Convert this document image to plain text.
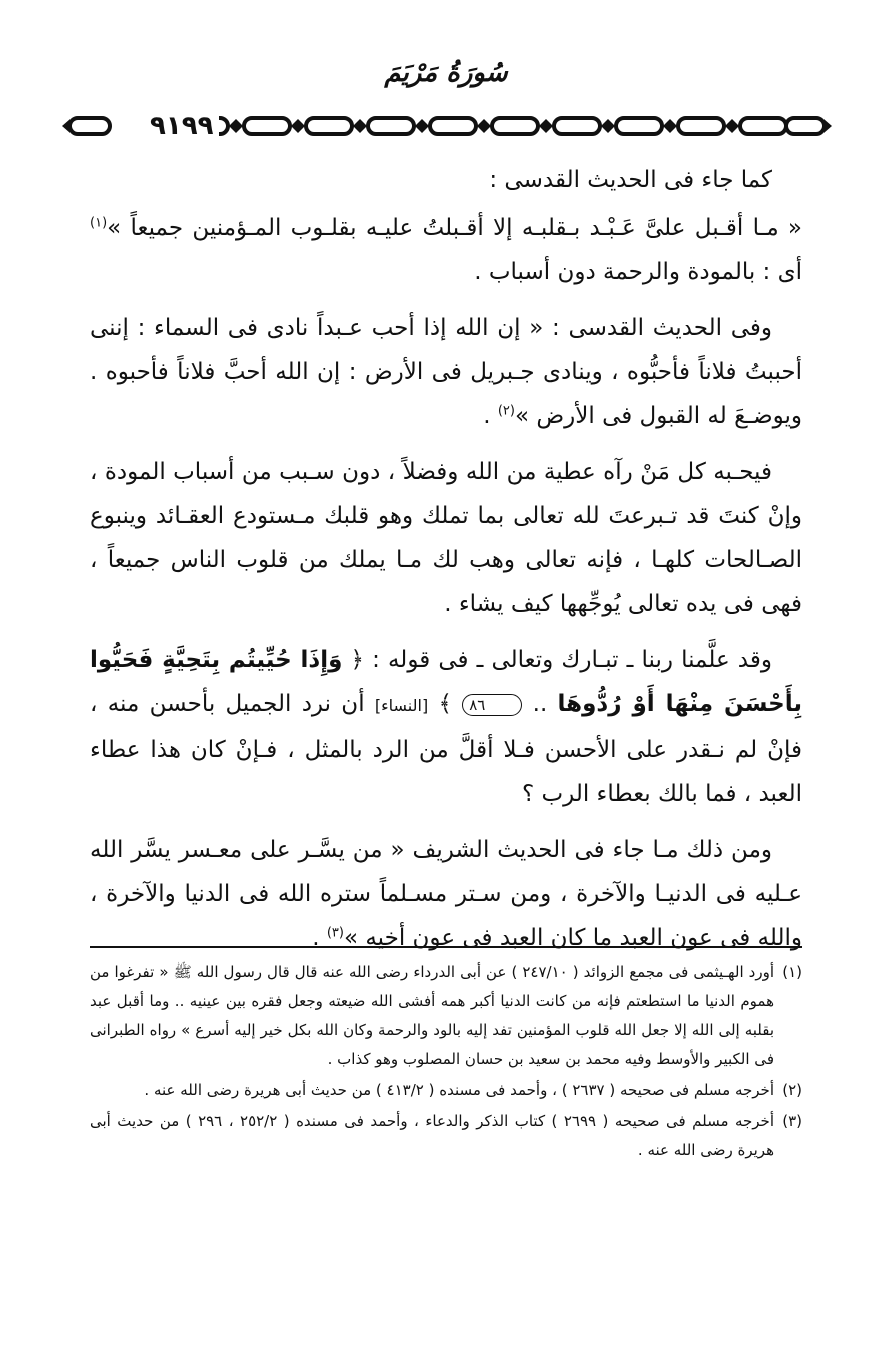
سُورَةُ مَرْيَمَ
٩١٩٩

كما جاء فى الحديث القدسى :

« مـا أقـبل علىَّ عَـبْـد بـقلبـه إلا أقـبلتُ عليـه بقلـوب المـؤمنين جميعاً »$^{(١)}$ أى : بالمودة والرحمة دون أسباب .

وفى الحديث القدسى : « إن الله إذا أحب عـبداً نادى فى السماء : إننى أحببتُ فلاناً فأحبُّوه ، وينادى جـبريل فى الأرض : إن الله أحبَّ فلاناً فأحبوه . ويوضـعَ له القبول فى الأرض »$^{(٢)}$ .

فيحـبه كل مَنْ رآه عطية من الله وفضلاً ، دون سـبب من أسباب المودة ، وإنْ كنتَ قد تـبرعتَ لله تعالى بما تملك وهو قلبك مـستودع العقـائد وينبوع الصـالحات كلهـا ، فإنه تعالى وهب لك مـا يملك من قلوب الناس جميعاً ، فهى فى يده تعالى يُوجِّهها كيف يشاء .

وقد علَّمنا ربنا ـ تبـارك وتعالى ـ فى قوله : ﴿ وَإِذَا حُيِّيتُم بِتَحِيَّةٍ فَحَيُّوا بِأَحْسَنَ مِنْهَا أَوْ رُدُّوهَا .. ٨٦ ﴾ [النساء] أن نرد الجميل بأحسن منه ، فإنْ لم نـقدر على الأحسن فـلا أقلَّ من الرد بالمثل ، فـإنْ كان هذا عطاء العبد ، فما بالك بعطاء الرب ؟

ومن ذلك مـا جاء فى الحديث الشريف « من يسَّـر على معـسر يسَّر الله عـليه فى الدنيـا والآخرة ، ومن سـتر مسـلماً ستره الله فى الدنيا والآخرة ، والله فى عون العبد ما كان العبد فى عون أخيه »$^{(٣)}$ .

(١)
أورد الهـيثمى فى مجمع الزوائد ( ٢٤٧/١٠ ) عن أبى الدرداء رضى الله عنه قال قال رسول الله ﷺ « تفرغوا من هموم الدنيا ما استطعتم فإنه من كانت الدنيا أكبر همه أفشى الله ضيعته وجعل فقره بين عينيه .. وما أقبل عبد بقلبه إلى الله إلا جعل الله قلوب المؤمنين تفد إليه بالود والرحمة وكان الله بكل خير إليه أسرع » رواه الطبرانى فى الكبير والأوسط وفيه محمد بن سعيد بن حسان المصلوب وهو كذاب .
(٢)
أخرجه مسلم فى صحيحه ( ٢٦٣٧ ) ، وأحمد فى مسنده ( ٤١٣/٢ ) من حديث أبى هريرة رضى الله عنه .
(٣)
أخرجه مسلم فى صحيحه ( ٢٦٩٩ ) كتاب الذكر والدعاء ، وأحمد فى مسنده ( ٢٥٢/٢ ، ٢٩٦ ) من حديث أبى هريرة رضى الله عنه .
